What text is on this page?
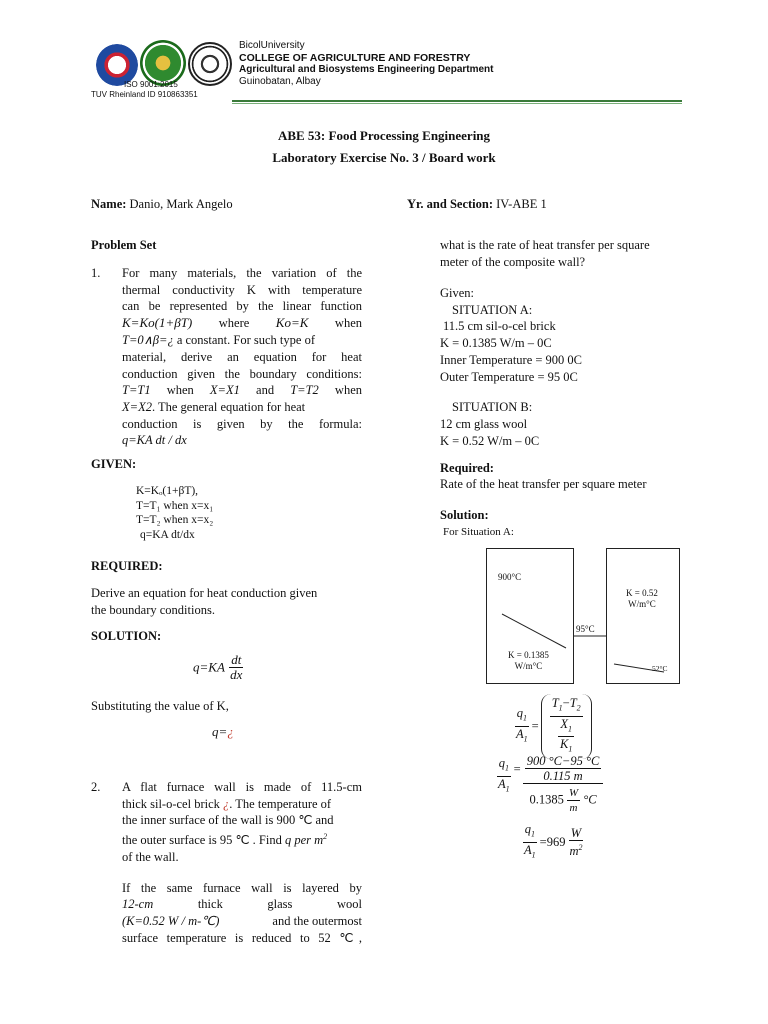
ISO 9001:2015
TUV Rheinland ID 910863351
BicolUniversity
COLLEGE OF AGRICULTURE AND FORESTRY
Agricultural and Biosystems Engineering Department
Guinobatan, Albay
ABE 53: Food Processing Engineering
Laboratory Exercise No. 3 / Board work
Name: Danio, Mark Angelo	Yr. and Section: IV-ABE 1
Problem Set
1. For many materials, the variation of the
thermal conductivity K with temperature
can be represented by the linear function
K=Ko(1+βT) where Ko=K when
T=0∧β=¿ a constant. For such type of
material, derive an equation for heat
conduction given the boundary conditions:
T=T1 when X=X1 and T=T2 when
X=X2. The general equation for heat
conduction is given by the formula:
q=KA dt / dx
GIVEN:
K=Kₒ(1+βT),
T=T₁ when x=x₁
T=T₂ when x=x₂
q=KA dt/dx
REQUIRED:
Derive an equation for heat conduction given
the boundary conditions.
SOLUTION:
$q=KA \frac{dt}{dx}$
Substituting the value of K,
q=¿
2. A flat furnace wall is made of 11.5-cm
thick sil-o-cel brick ¿. The temperature of
the inner surface of the wall is 900 ℃ and
the outer surface is 95 ℃ . Find q per $m^2$
of the wall.
If the same furnace wall is layered by
12-cm	thick	glass	wool
(K=0.52 W / m-℃)	and the outermost
surface temperature is reduced to 52 ℃,
what is the rate of heat transfer per square
meter of the composite wall?
Given:
SITUATION A:
11.5 cm sil-o-cel brick
K = 0.1385 W/m – 0C
Inner Temperature = 900 0C
Outer Temperature = 95 0C
SITUATION B:
12 cm glass wool
K = 0.52 W/m – 0C
Required:
Rate of the heat transfer per square meter
Solution:
For Situation A:
900°C
K = 0.1385
W/m°C
95°C
K = 0.52
W/m°C
52°C
$\frac{q_1}{A_1} = \frac{T_1-T_2}{\frac{X_1}{K_1}}$
$\frac{q_1}{A_1} = \frac{\frac{900 ^\circ C-95 ^\circ C}{0.115 m}}{0.1385 \frac{W}{m} ^\circ C}$
$\frac{q_1}{A_1} =969 \frac{W}{m^2}$
